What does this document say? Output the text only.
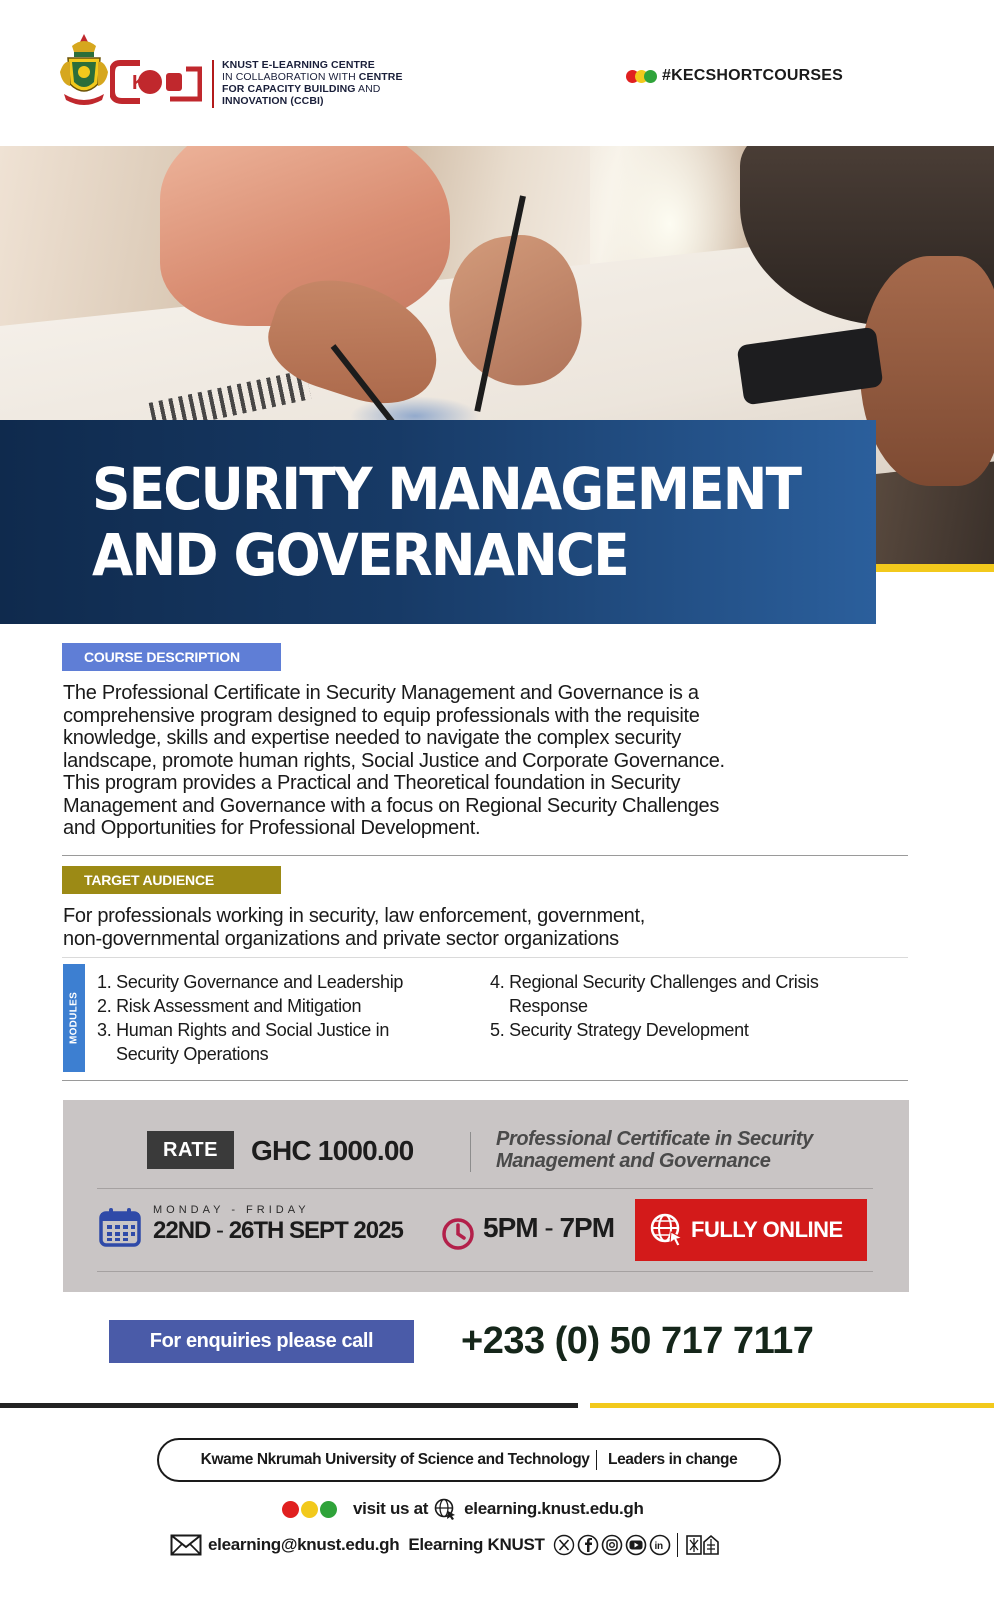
K
KNUST E-LEARNING CENTRE
IN COLLABORATION WITH CENTRE
FOR CAPACITY BUILDING AND
INNOVATION (CCBI)
#KECSHORTCOURSES
SECURITY MANAGEMENT
AND GOVERNANCE
COURSE DESCRIPTION

The Professional Certificate in Security Management and Governance is a
comprehensive program designed to equip professionals with the requisite
knowledge, skills and expertise needed to navigate the complex security
landscape, promote human rights, Social Justice and Corporate Governance.
This program provides a Practical and Theoretical foundation in Security
Management and Governance with a focus on Regional Security Challenges
and Opportunities for Professional Development.

TARGET AUDIENCE

For professionals working in security, law enforcement, government,
non-governmental organizations and private sector organizations

MODULES
1. Security Governance and Leadership
2. Risk Assessment and Mitigation
3. Human Rights and Social Justice in
Security Operations
4. Regional Security Challenges and Crisis
Response
5. Security Strategy Development
RATE	GHC 1000.00	Professional Certificate in Security
Management and Governance
MONDAY - FRIDAY
22ND - 26TH SEPT 2025	5PM - 7PM	FULLY ONLINE
For enquiries please call	+233 (0) 50 717 7117
Kwame Nkrumah University of Science and Technology Leaders in change
visit us at elearning.knust.edu.gh
elearning@knust.edu.gh Elearning KNUST	in
